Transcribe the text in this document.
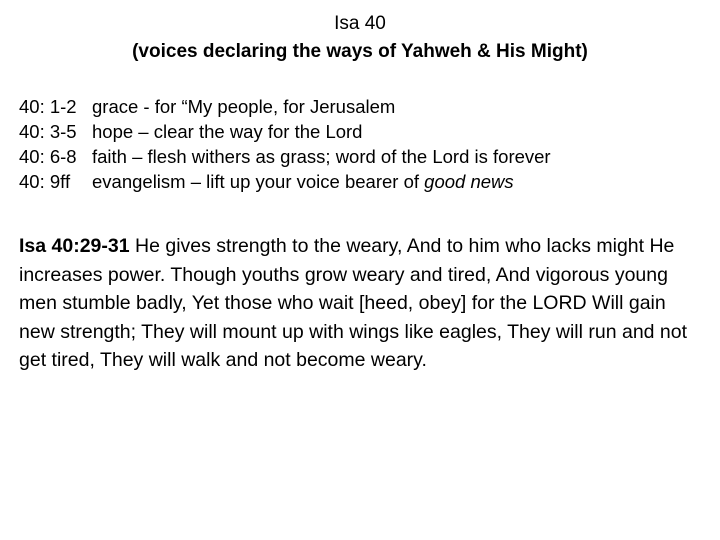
Isa 40
(voices declaring the ways of Yahweh & His Might)
40: 1-2 grace - for “My people, for Jerusalem
40: 3-5 hope – clear the way for the Lord
40: 6-8 faith – flesh withers as grass; word of the Lord is forever
40: 9ff	evangelism – lift up your voice bearer of good news
Isa 40:29-31 He gives strength to the weary, And to him who lacks might He increases power. Though youths grow weary and tired, And vigorous young men stumble badly, Yet those who wait [heed, obey] for the LORD Will gain new strength; They will mount up with wings like eagles, They will run and not get tired, They will walk and not become weary.
